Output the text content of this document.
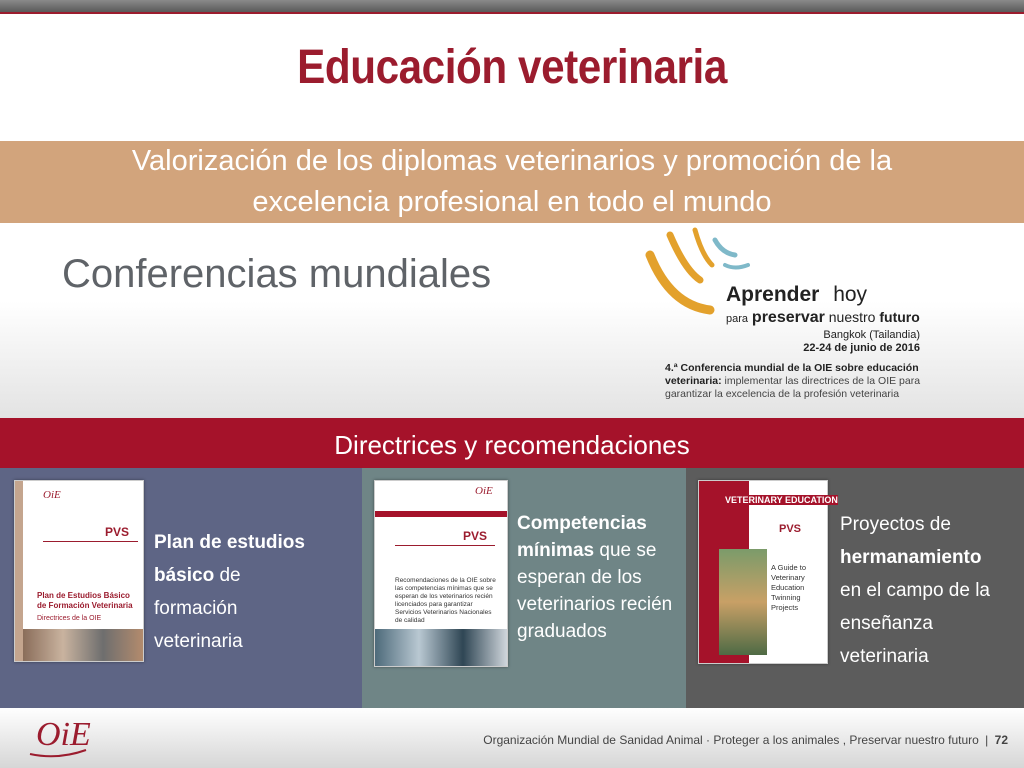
Educación veterinaria
Valorización de los diplomas veterinarios y promoción de la
excelencia profesional en todo el mundo
Conferencias mundiales	Aprender hoy
para preservar nuestro futuro
Bangkok (Tailandia)
22-24 de junio de 2016
4.ª Conferencia mundial de la OIE sobre educación veterinaria: implementar las directrices de la OIE para garantizar la excelencia de la profesión veterinaria
Directrices y recomendaciones
OiE
PVS
Plan de Estudios Básico de Formación Veterinaria
Directrices de la OIE
Plan de estudios básico de
formación
veterinaria
OiE
PVS
Recomendaciones de la OIE sobre las competencias mínimas que se esperan de los veterinarios recién licenciados para garantizar Servicios Veterinarios Nacionales de calidad
Competencias
mínimas que se esperan de los veterinarios recién graduados
VETERINARY EDUCATION
PVS
A Guide to Veterinary Education Twinning Projects
Proyectos de
hermanamiento
en el campo de la
enseñanza
veterinaria
OiE	Organización Mundial de Sanidad Animal · Proteger a los animales , Preservar nuestro futuro | 72
